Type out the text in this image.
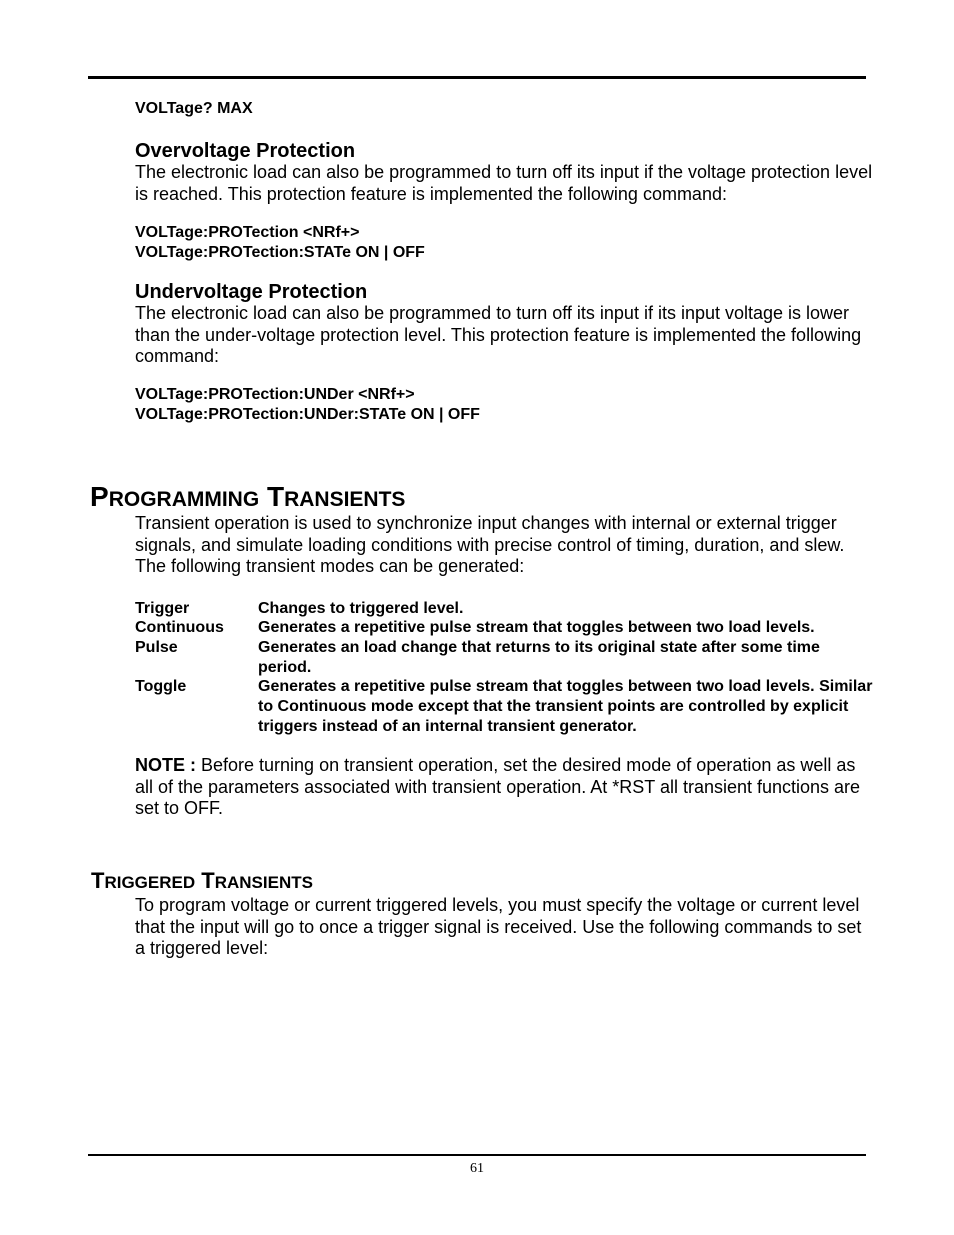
VOLTage? MAX

Overvoltage Protection

The electronic load can also be programmed to turn off its input if the voltage protection level is reached. This protection feature is implemented the following command:

VOLTage:PROTection <NRf+>

VOLTage:PROTection:STATe ON | OFF

Undervoltage Protection

The electronic load can also be programmed to turn off its input if its input voltage is lower than the under-voltage protection level. This protection feature is implemented the following command:

VOLTage:PROTection:UNDer <NRf+>

VOLTage:PROTection:UNDer:STATe ON | OFF

PROGRAMMING TRANSIENTS

Transient operation is used to synchronize input changes with internal or external trigger signals, and simulate loading conditions with precise control of timing, duration, and slew. The following transient modes can be generated:

Trigger	Changes to triggered level.
Continuous	Generates a repetitive pulse stream that toggles between two load levels.
Pulse	Generates an load change that returns to its original state after some time period.
Toggle	Generates a repetitive pulse stream that toggles between two load levels. Similar to Continuous mode except that the transient points are controlled by explicit triggers instead of an internal transient generator.

NOTE : Before turning on transient operation, set the desired mode of operation as well as all of the parameters associated with transient operation. At *RST all transient functions are set to OFF.

TRIGGERED TRANSIENTS

To program voltage or current triggered levels, you must specify the voltage or current level that the input will go to once a trigger signal is received. Use the following commands to set a triggered level:

61
